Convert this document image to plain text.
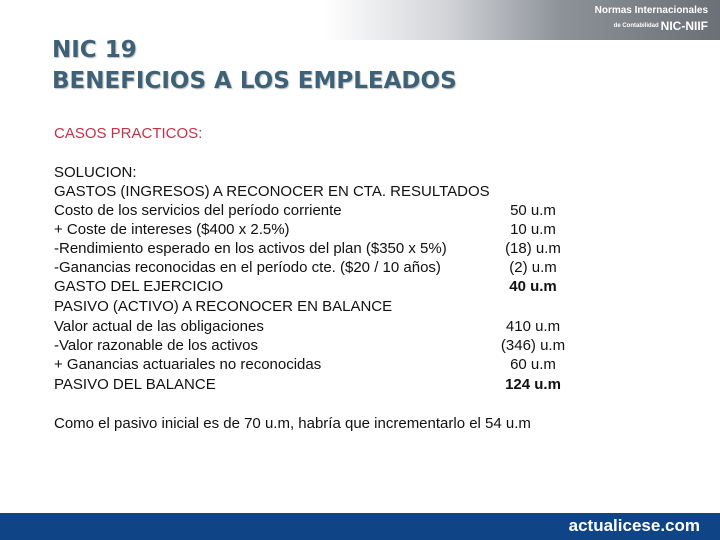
Normas Internacionales
de Contabilidad NIC-NIIF
NIC 19
BENEFICIOS A LOS EMPLEADOS
CASOS PRACTICOS:
SOLUCION:
GASTOS (INGRESOS) A RECONOCER EN CTA. RESULTADOS
Costo de los servicios del período corriente	50 u.m
+ Coste de intereses ($400 x 2.5%)	10 u.m
-Rendimiento esperado en los activos del plan ($350 x 5%)	(18) u.m
-Ganancias reconocidas en el período cte. ($20 / 10 años)	(2) u.m
GASTO DEL EJERCICIO	40 u.m
PASIVO (ACTIVO) A RECONOCER EN BALANCE
Valor actual de las obligaciones	410 u.m
-Valor razonable de los activos	(346) u.m
+ Ganancias actuariales no reconocidas	60 u.m
PASIVO DEL BALANCE	124 u.m
Como el pasivo inicial es de 70 u.m, habría que incrementarlo el 54 u.m
actualicese.com
